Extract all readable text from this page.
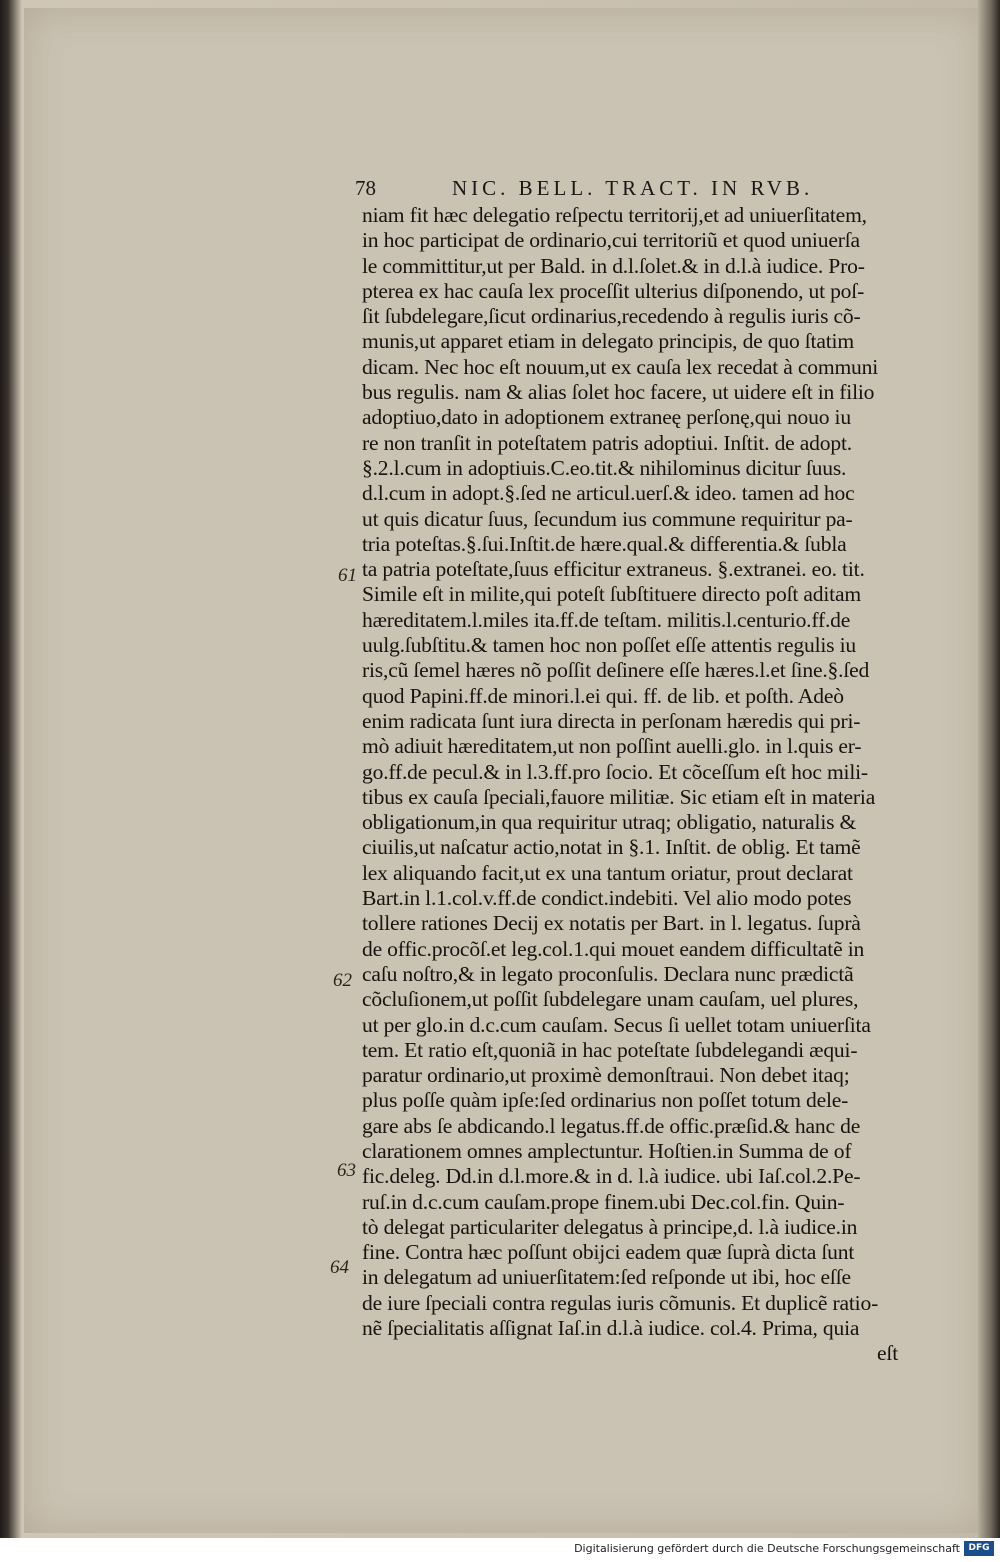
78	NIC. BELL. TRACT. IN RVB.
niam fit hæc delegatio reſpectu territorij,et ad uniuerſitatem,
in hoc participat de ordinario,cui territoriũ et quod uniuerſa
le committitur,ut per Bald. in d.l.ſolet.& in d.l.à iudice. Pro-
pterea ex hac cauſa lex proceſſit ulterius diſponendo, ut poſ-
ſit ſubdelegare,ſicut ordinarius,recedendo à regulis iuris cõ-
munis,ut apparet etiam in delegato principis, de quo ſtatim
dicam. Nec hoc eſt nouum,ut ex cauſa lex recedat à communi
bus regulis. nam & alias ſolet hoc facere, ut uidere eſt in filio
adoptiuo,dato in adoptionem extraneę perſonę,qui nouo iu
re non tranſit in poteſtatem patris adoptiui. Inſtit. de adopt.
§.2.l.cum in adoptiuis.C.eo.tit.& nihilominus dicitur ſuus.
d.l.cum in adopt.§.ſed ne articul.uerſ.& ideo. tamen ad hoc
ut quis dicatur ſuus, ſecundum ius commune requiritur pa-
tria poteſtas.§.ſui.Inſtit.de hære.qual.& differentia.& ſubla
ta patria poteſtate,ſuus efficitur extraneus. §.extranei. eo. tit.
Simile eſt in milite,qui poteſt ſubſtituere directo poſt aditam
hæreditatem.l.miles ita.ff.de teſtam. militis.l.centurio.ff.de
uulg.ſubſtitu.& tamen hoc non poſſet eſſe attentis regulis iu
ris,cũ ſemel hæres nõ poſſit deſinere eſſe hæres.l.et ſine.§.ſed
quod Papini.ff.de minori.l.ei qui. ff. de lib. et poſth. Adeò
enim radicata ſunt iura directa in perſonam hæredis qui pri-
mò adiuit hæreditatem,ut non poſſint auelli.glo. in l.quis er-
go.ff.de pecul.& in l.3.ff.pro ſocio. Et cõceſſum eſt hoc mili-
tibus ex cauſa ſpeciali,fauore militiæ. Sic etiam eſt in materia
obligationum,in qua requiritur utraq; obligatio, naturalis &
ciuilis,ut naſcatur actio,notat in §.1. Inſtit. de oblig. Et tamẽ
lex aliquando facit,ut ex una tantum oriatur, prout declarat
Bart.in l.1.col.v.ff.de condict.indebiti. Vel alio modo potes
tollere rationes Decij ex notatis per Bart. in l. legatus. ſuprà
de offic.procõſ.et leg.col.1.qui mouet eandem difficultatẽ in
caſu noſtro,& in legato proconſulis. Declara nunc prædictã
cõcluſionem,ut poſſit ſubdelegare unam cauſam, uel plures,
ut per glo.in d.c.cum cauſam. Secus ſi uellet totam uniuerſita
tem. Et ratio eſt,quoniã in hac poteſtate ſubdelegandi æqui-
paratur ordinario,ut proximè demonſtraui. Non debet itaq;
plus poſſe quàm ipſe:ſed ordinarius non poſſet totum dele-
gare abs ſe abdicando.l legatus.ff.de offic.præſid.& hanc de
clarationem omnes amplectuntur. Hoſtien.in Summa de of
fic.deleg. Dd.in d.l.more.& in d. l.à iudice. ubi Iaſ.col.2.Pe-
ruſ.in d.c.cum cauſam.prope finem.ubi Dec.col.fin. Quin-
tò delegat particulariter delegatus à principe,d. l.à iudice.in
fine. Contra hæc poſſunt obijci eadem quæ ſuprà dicta ſunt
in delegatum ad uniuerſitatem:ſed reſponde ut ibi, hoc eſſe
de iure ſpeciali contra regulas iuris cõmunis. Et duplicẽ ratio-
nẽ ſpecialitatis aſſignat Iaſ.in d.l.à iudice. col.4. Prima, quia
eſt
61
62
63
64
Digitalisierung gefördert durch die Deutsche Forschungsgemeinschaft DFG
